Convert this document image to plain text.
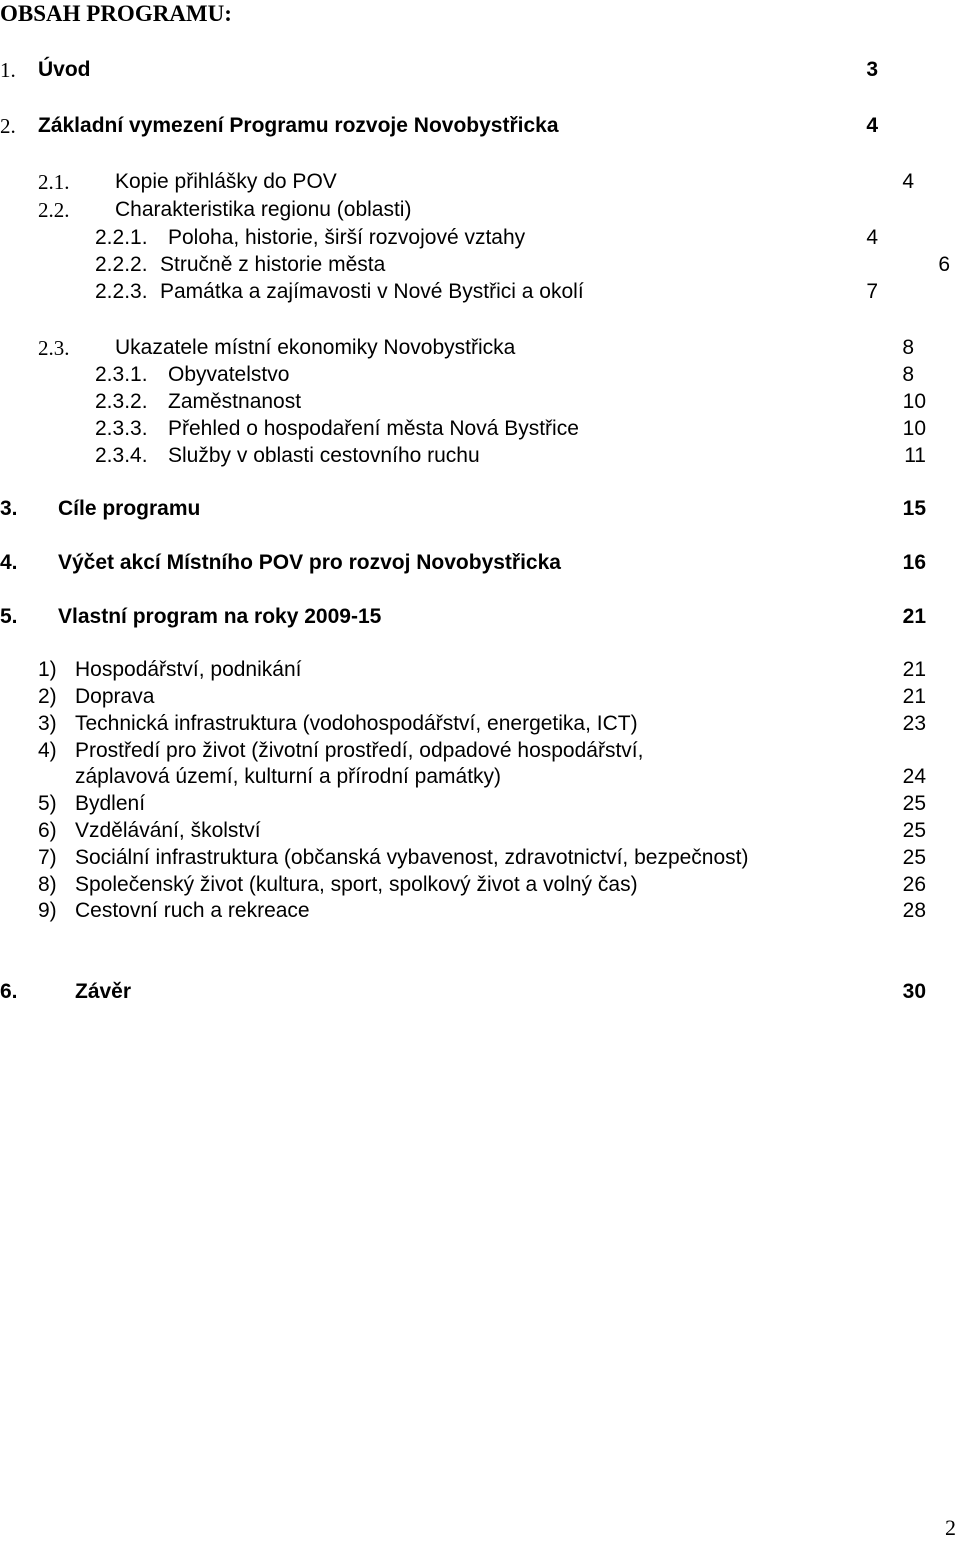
OBSAH PROGRAMU:
1. Úvod	3
2. Základní vymezení Programu rozvoje Novobystřicka	4
2.1. Kopie přihlášky do POV	4
2.2. Charakteristika regionu (oblasti)
2.2.1. Poloha, historie, širší rozvojové vztahy	4
2.2.2. Stručně z historie města	6
2.2.3. Památka a zajímavosti v Nové Bystřici a okolí	7
2.3. Ukazatele místní ekonomiky Novobystřicka	8
2.3.1. Obyvatelstvo	8
2.3.2. Zaměstnanost	10
2.3.3. Přehled o hospodaření města Nová Bystřice	10
2.3.4. Služby v oblasti cestovního ruchu	11
3. Cíle programu	15
4. Výčet akcí Místního POV pro rozvoj Novobystřicka	16
5. Vlastní program na roky 2009-15	21
1) Hospodářství, podnikání	21
2) Doprava	21
3) Technická infrastruktura (vodohospodářství, energetika, ICT)	23
4) Prostředí pro život (životní prostředí, odpadové hospodářství,
záplavová území, kulturní a přírodní památky)	24
5) Bydlení	25
6) Vzdělávání, školství	25
7) Sociální infrastruktura (občanská vybavenost, zdravotnictví, bezpečnost)	25
8) Společenský život (kultura, sport, spolkový život a volný čas)	26
9) Cestovní ruch a rekreace	28
6.	Závěr	30
2
